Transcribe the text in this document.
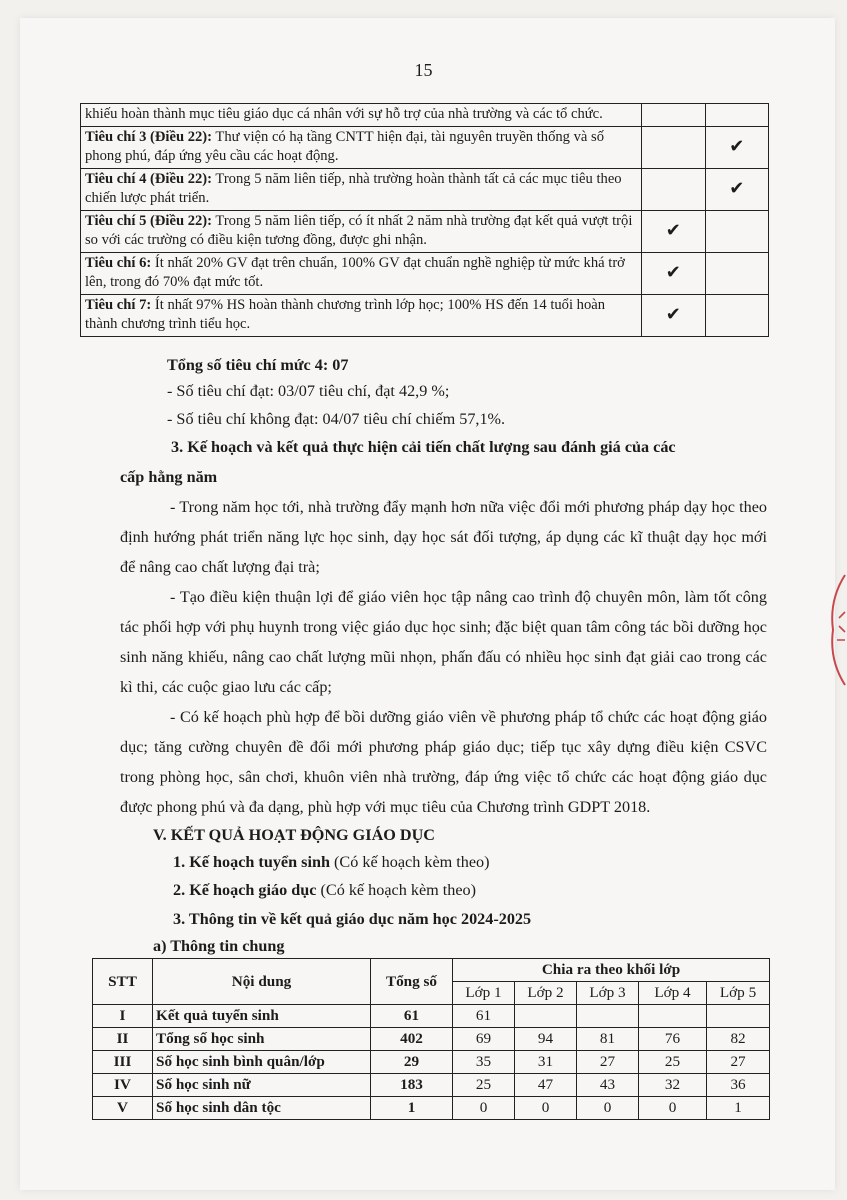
15
khiếu hoàn thành mục tiêu giáo dục cá nhân với sự hỗ trợ của nhà trường và các tổ chức.		
Tiêu chí 3 (Điều 22): Thư viện có hạ tầng CNTT hiện đại, tài nguyên truyền thống và số phong phú, đáp ứng yêu cầu các hoạt động.		✔
Tiêu chí 4 (Điều 22): Trong 5 năm liên tiếp, nhà trường hoàn thành tất cả các mục tiêu theo chiến lược phát triển.		✔
Tiêu chí 5 (Điều 22): Trong 5 năm liên tiếp, có ít nhất 2 năm nhà trường đạt kết quả vượt trội so với các trường có điều kiện tương đồng, được ghi nhận.	✔	
Tiêu chí 6: Ít nhất 20% GV đạt trên chuẩn, 100% GV đạt chuẩn nghề nghiệp từ mức khá trở lên, trong đó 70% đạt mức tốt.	✔	
Tiêu chí 7: Ít nhất 97% HS hoàn thành chương trình lớp học; 100% HS đến 14 tuổi hoàn thành chương trình tiểu học.	✔	
Tổng số tiêu chí mức 4: 07
- Số tiêu chí đạt: 03/07 tiêu chí, đạt 42,9 %;
- Số tiêu chí không đạt: 04/07 tiêu chí chiếm 57,1%.
3. Kế hoạch và kết quả thực hiện cải tiến chất lượng sau đánh giá của các
cấp hằng năm
- Trong năm học tới, nhà trường đẩy mạnh hơn nữa việc đổi mới phương pháp dạy học theo định hướng phát triển năng lực học sinh, dạy học sát đối tượng, áp dụng các kĩ thuật dạy học mới để nâng cao chất lượng đại trà;
- Tạo điều kiện thuận lợi để giáo viên học tập nâng cao trình độ chuyên môn, làm tốt công tác phối hợp với phụ huynh trong việc giáo dục học sinh; đặc biệt quan tâm công tác bồi dưỡng học sinh năng khiếu, nâng cao chất lượng mũi nhọn, phấn đấu có nhiều học sinh đạt giải cao trong các kì thi, các cuộc giao lưu các cấp;
- Có kế hoạch phù hợp để bồi dưỡng giáo viên về phương pháp tổ chức các hoạt động giáo dục; tăng cường chuyên đề đổi mới phương pháp giáo dục; tiếp tục xây dựng điều kiện CSVC trong phòng học, sân chơi, khuôn viên nhà trường, đáp ứng việc tổ chức các hoạt động giáo dục được phong phú và đa dạng, phù hợp với mục tiêu của Chương trình GDPT 2018.
V. KẾT QUẢ HOẠT ĐỘNG GIÁO DỤC
1. Kế hoạch tuyển sinh (Có kế hoạch kèm theo)
2. Kế hoạch giáo dục (Có kế hoạch kèm theo)
3. Thông tin về kết quả giáo dục năm học 2024-2025
a) Thông tin chung
STT	Nội dung	Tổng số	Chia ra theo khối lớp				
			Lớp 1	Lớp 2	Lớp 3	Lớp 4	Lớp 5
I	Kết quả tuyển sinh	61	61				
II	Tổng số học sinh	402	69	94	81	76	82
III	Số học sinh bình quân/lớp	29	35	31	27	25	27
IV	Số học sinh nữ	183	25	47	43	32	36
V	Số học sinh dân tộc	1	0	0	0	0	1
